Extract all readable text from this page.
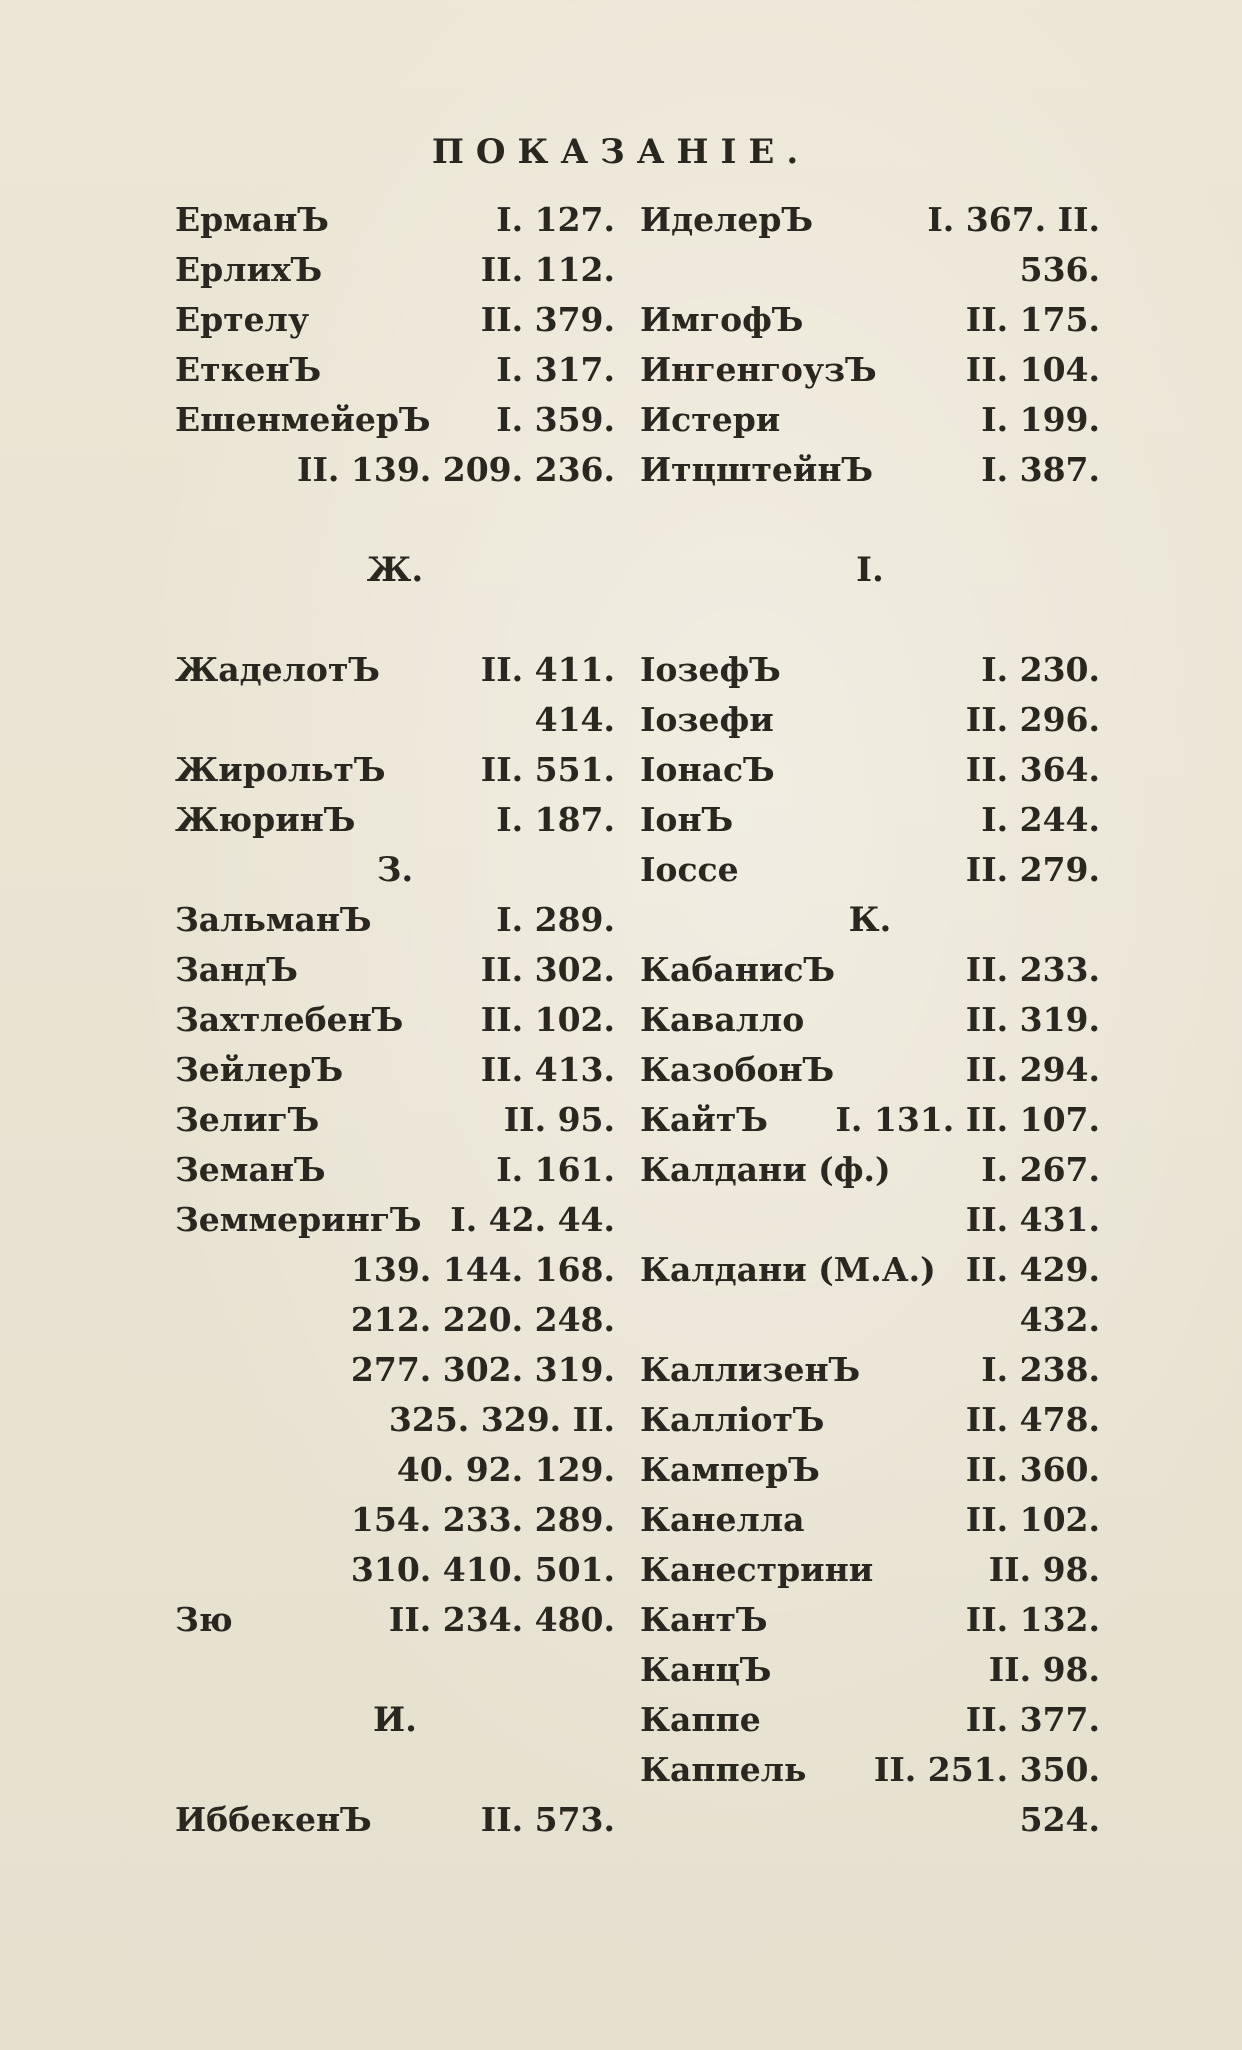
ПОКАЗАНІЕ.
ЕрманЪ	I. 127.
ЕрлихЪ	II. 112.
Ертелу	II. 379.
ЕткенЪ	I. 317.
ЕшенмейерЪ I. 359.
II. 139. 209. 236.
Ж.
ЖаделотЪ	II. 411.
414.
ЖирольтЪ	II. 551.
ЖюринЪ	I. 187.
З.
ЗальманЪ	I. 289.
ЗандЪ	II. 302.
ЗахтлебенЪ II. 102.
ЗейлерЪ	II. 413.
ЗелигЪ	II. 95.
ЗеманЪ	I. 161.
ЗеммерингЪ I. 42. 44.
139. 144. 168.
212. 220. 248.
277. 302. 319.
325. 329. II.
40. 92. 129.
154. 233. 289.
310. 410. 501.
Зю	II. 234. 480.
И.
ИббекенЪ	II. 573.
ИделерЪ	I. 367. II.
536.
ИмгофЪ	II. 175.
ИнгенгоузЪ	II. 104.
Истери	I. 199.
ИтцштейнЪ	I. 387.
І.
ІозефЪ	I. 230.
Іозефи	II. 296.
ІонасЪ	II. 364.
ІонЪ	I. 244.
Іоссе	II. 279.
К.
КабанисЪ	II. 233.
Кавалло	II. 319.
КазобонЪ	II. 294.
КайтЪ I. 131. II. 107.
Калдани (ф.)	I. 267.
II. 431.
Калдани (М.А.) II. 429.
432.
КаллизенЪ	I. 238.
КалліотЪ	II. 478.
КамперЪ	II. 360.
Канелла	II. 102.
Канестрини	II. 98.
КантЪ	II. 132.
КанцЪ	II. 98.
Каппе	II. 377.
Каппель II. 251. 350.
524.
